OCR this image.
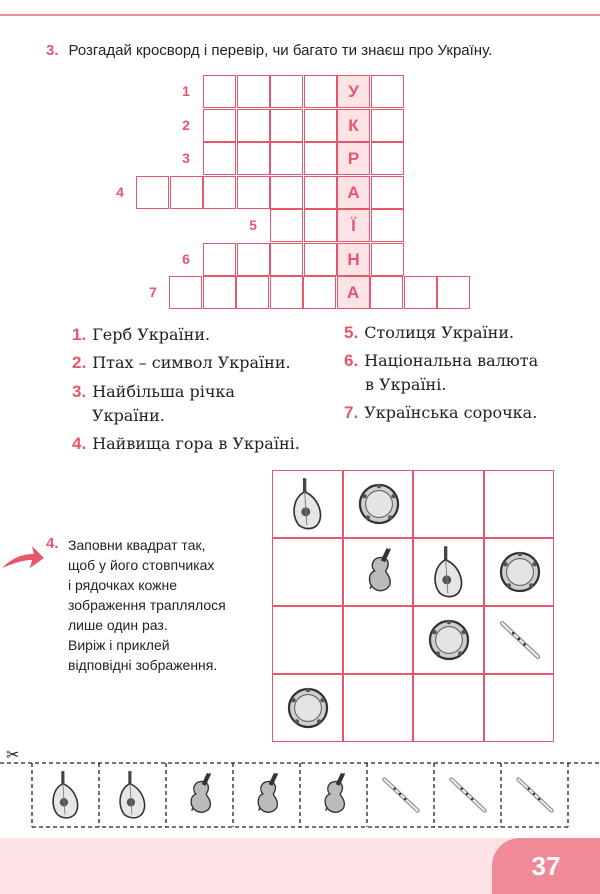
3. Розгадай кросворд і перевір, чи багато ти знаєш про Україну.
1	У
2	К
3	Р
4	А
5	Ї
6	Н
7	А
1. Герб України.
2. Птах – символ України.
3. Найбільша річка
України.
4. Найвища гора в Україні.
5. Столиця України.
6. Національна валюта
в Україні.
7. Українська сорочка.
4. Заповни квадрат так,
щоб у його стовпчиках
і рядочках кожне
зображення траплялося
лише один раз.
Виріж і приклей
відповідні зображення.
✂
37
